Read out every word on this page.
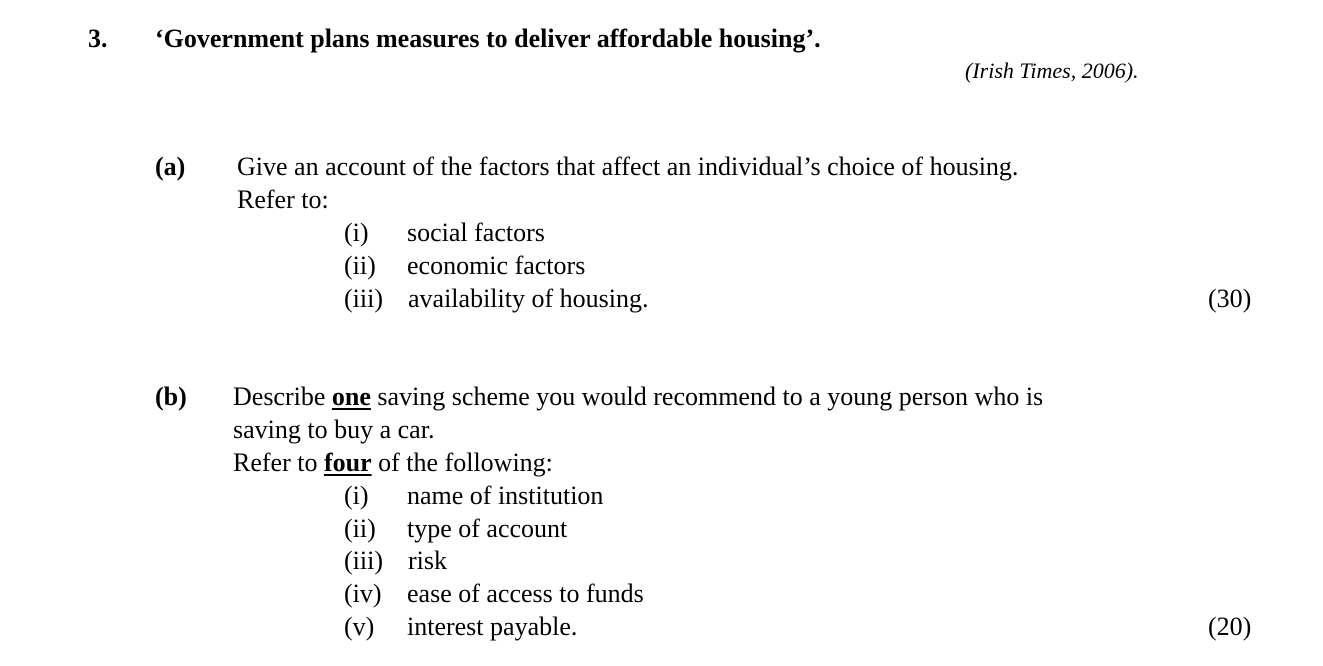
3. ‘Government plans measures to deliver affordable housing’.
(Irish Times, 2006).
(a) Give an account of the factors that affect an individual’s choice of housing.
Refer to:
(i) social factors
(ii) economic factors
(iii) availability of housing.	(30)
(b) Describe one saving scheme you would recommend to a young person who is
saving to buy a car.
Refer to four of the following:
(i) name of institution
(ii) type of account
(iii) risk
(iv) ease of access to funds
(v) interest payable.	(20)
